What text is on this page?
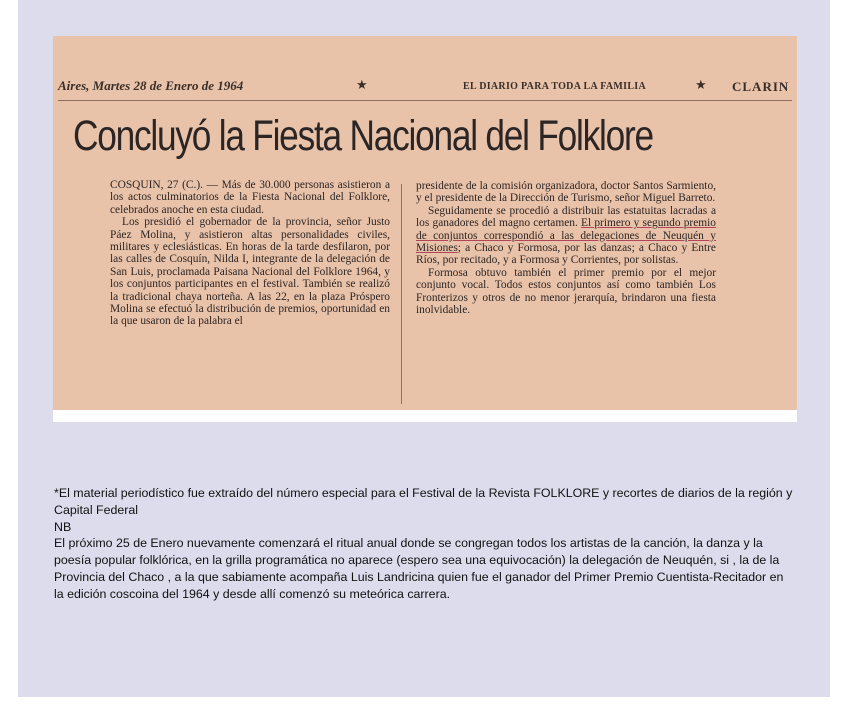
Aires, Martes 28 de Enero de 1964	★	EL DIARIO PARA TODA LA FAMILIA	★ CLARIN
Concluyó la Fiesta Nacional del Folklore

COSQUIN, 27 (C.). — Más de 30.000 personas asistieron a los actos culminatorios de la Fiesta Nacional del Folklore, celebrados anoche en esta ciudad.

Los presidió el gobernador de la provincia, señor Justo Páez Molina, y asistieron altas personalidades civiles, militares y eclesiásticas. En horas de la tarde desfilaron, por las calles de Cosquín, Nilda I, integrante de la delegación de San Luis, proclamada Paisana Nacional del Folklore 1964, y los conjuntos participantes en el festival. También se realizó la tradicional chaya norteña. A las 22, en la plaza Próspero Molina se efectuó la distribución de premios, oportunidad en la que usaron de la palabra el

presidente de la comisión organizadora, doctor Santos Sarmiento, y el presidente de la Dirección de Turismo, señor Miguel Barreto.

Seguidamente se procedió a distribuir las estatuitas lacradas a los ganadores del magno certamen. El primero y segundo premio de conjuntos correspondió a las delegaciones de Neuquén y Misiones; a Chaco y Formosa, por las danzas; a Chaco y Entre Ríos, por recitado, y a Formosa y Corrientes, por solistas.

Formosa obtuvo también el primer premio por el mejor conjunto vocal. Todos estos conjuntos así como también Los Fronterizos y otros de no menor jerarquía, brindaron una fiesta inolvidable.

*El material periodístico fue extraído del número especial para el Festival de la Revista FOLKLORE y recortes de diarios de la región y Capital Federal
NB
El próximo 25 de Enero nuevamente comenzará el ritual anual donde se congregan todos los artistas de la canción, la danza y la poesía popular folklórica, en la grilla programática no aparece (espero sea una equivocación) la delegación de Neuquén, si , la de la Provincia del Chaco , a la que sabiamente acompaña Luis Landricina quien fue el ganador del Primer Premio Cuentista-Recitador en la edición coscoina del 1964 y desde allí comenzó su meteórica carrera.
